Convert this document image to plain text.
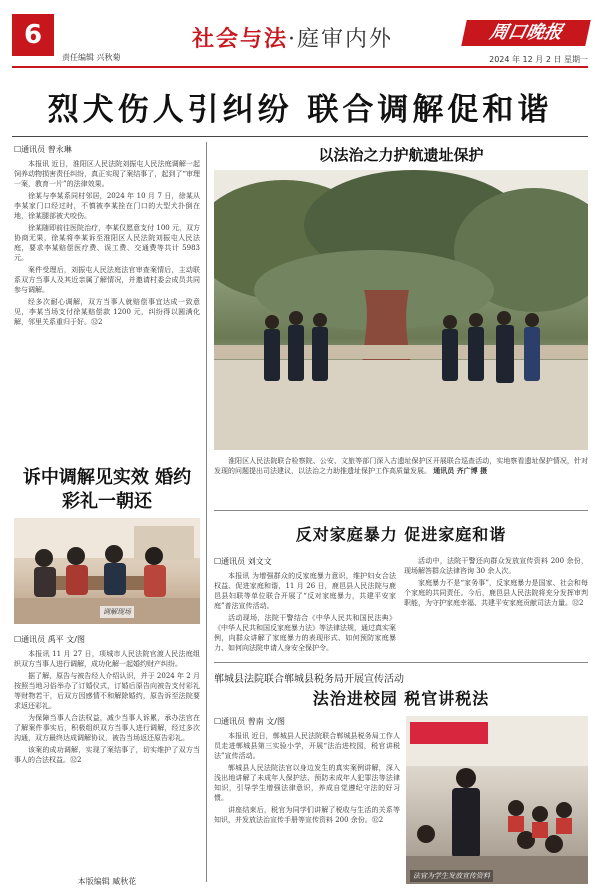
6
责任编辑 兴秋菊
社会与法·庭审内外	周口晚报
2024 年 12 月 2 日 星期一
烈犬伤人引纠纷 联合调解促和谐
☐通讯员 曾永琳

本报讯 近日，淮阳区人民法院刘振屯人民法庭调解一起饲养动物损害责任纠纷，真正实现了案结事了，起到了“审理一案，教育一片”的法律效果。

徐某与李某系同村邻居，2024 年 10 月 7 日，徐某从李某家门口经过时，不慎被李某拴在门口的大型犬扑倒在地，徐某腿部被犬咬伤。

徐某随即前往医院治疗，李某仅愿意支付 100 元，双方协商无果，徐某将李某诉至淮阳区人民法院刘振屯人民法庭，要求李某赔偿医疗费、误工费、交通费等共计 5983 元。

案件受理后，刘振屯人民法庭法官审查案情后，主动联系双方当事人及其近亲属了解情况，并邀请村委会成员共同参与调解。

经多次耐心调解，双方当事人就赔偿事宜达成一致意见，李某当场支付徐某赔偿款 1200 元，纠纷得以圆满化解，邻里关系重归于好。㉜2

诉中调解见实效 婚约彩礼一朝还
调解现场
☐通讯员 禹平 文/图

本报讯 11 月 27 日，项城市人民法院官渡人民法庭组织双方当事人进行调解，成功化解一起婚约财产纠纷。

据了解，原告与被告经人介绍认识，并于 2024 年 2 月按照当地习俗举办了订婚仪式，订婚后原告向被告支付彩礼等财物若干，后双方因感情不和解除婚约，原告诉至法院要求返还彩礼。

为保障当事人合法权益，减少当事人诉累，承办法官在了解案件事实后，积极组织双方当事人进行调解，经过多次沟通，双方最终达成调解协议，被告当场返还原告彩礼。

该案的成功调解，实现了案结事了，切实维护了双方当事人的合法权益。㉜2

本版编辑 臧秋花
以法治之力护航遗址保护

淮阳区人民法院联合检察院、公安、文旅等部门深入古遗址保护区开展联合巡查活动，实地察看遗址保护情况，针对发现的问题提出司法建议，以法治之力助推遗址保护工作高质量发展。 通讯员 齐广博 摄

反对家庭暴力 促进家庭和谐
☐通讯员 刘文文

本报讯 为增强群众的反家庭暴力意识，维护妇女合法权益、促进家庭和谐，11 月 26 日，鹿邑县人民法院与鹿邑县妇联等单位联合开展了“反对家庭暴力，共建平安家庭”普法宣传活动。

活动现场，法院干警结合《中华人民共和国民法典》《中华人民共和国反家庭暴力法》等法律法规，通过真实案例，向群众讲解了家庭暴力的表现形式、如何预防家庭暴力、如何向法院申请人身安全保护令。

活动中，法院干警还向群众发放宣传资料 200 余份，现场解答群众法律咨询 30 余人次。

家庭暴力不是“家务事”，反家庭暴力是国家、社会和每个家庭的共同责任。今后，鹿邑县人民法院将充分发挥审判职能，为守护家庭幸福、共建平安家庭贡献司法力量。㉜2

郸城县法院联合郸城县税务局开展宣传活动
法治进校园 税官讲税法
☐通讯员 曾南 文/图

本报讯 近日，郸城县人民法院联合郸城县税务局工作人员走进郸城县第三实验小学，开展“法治进校园，税官讲税法”宣传活动。

郸城县人民法院法官以身边发生的真实案例讲解，深入浅出地讲解了未成年人保护法、预防未成年人犯罪法等法律知识，引导学生增强法律意识，养成自觉遵纪守法的好习惯。

讲座结束后，税官为同学们讲解了税收与生活的关系等知识，并发放法治宣传手册等宣传资料 200 余份。㉜2

法官为学生发放宣传资料
